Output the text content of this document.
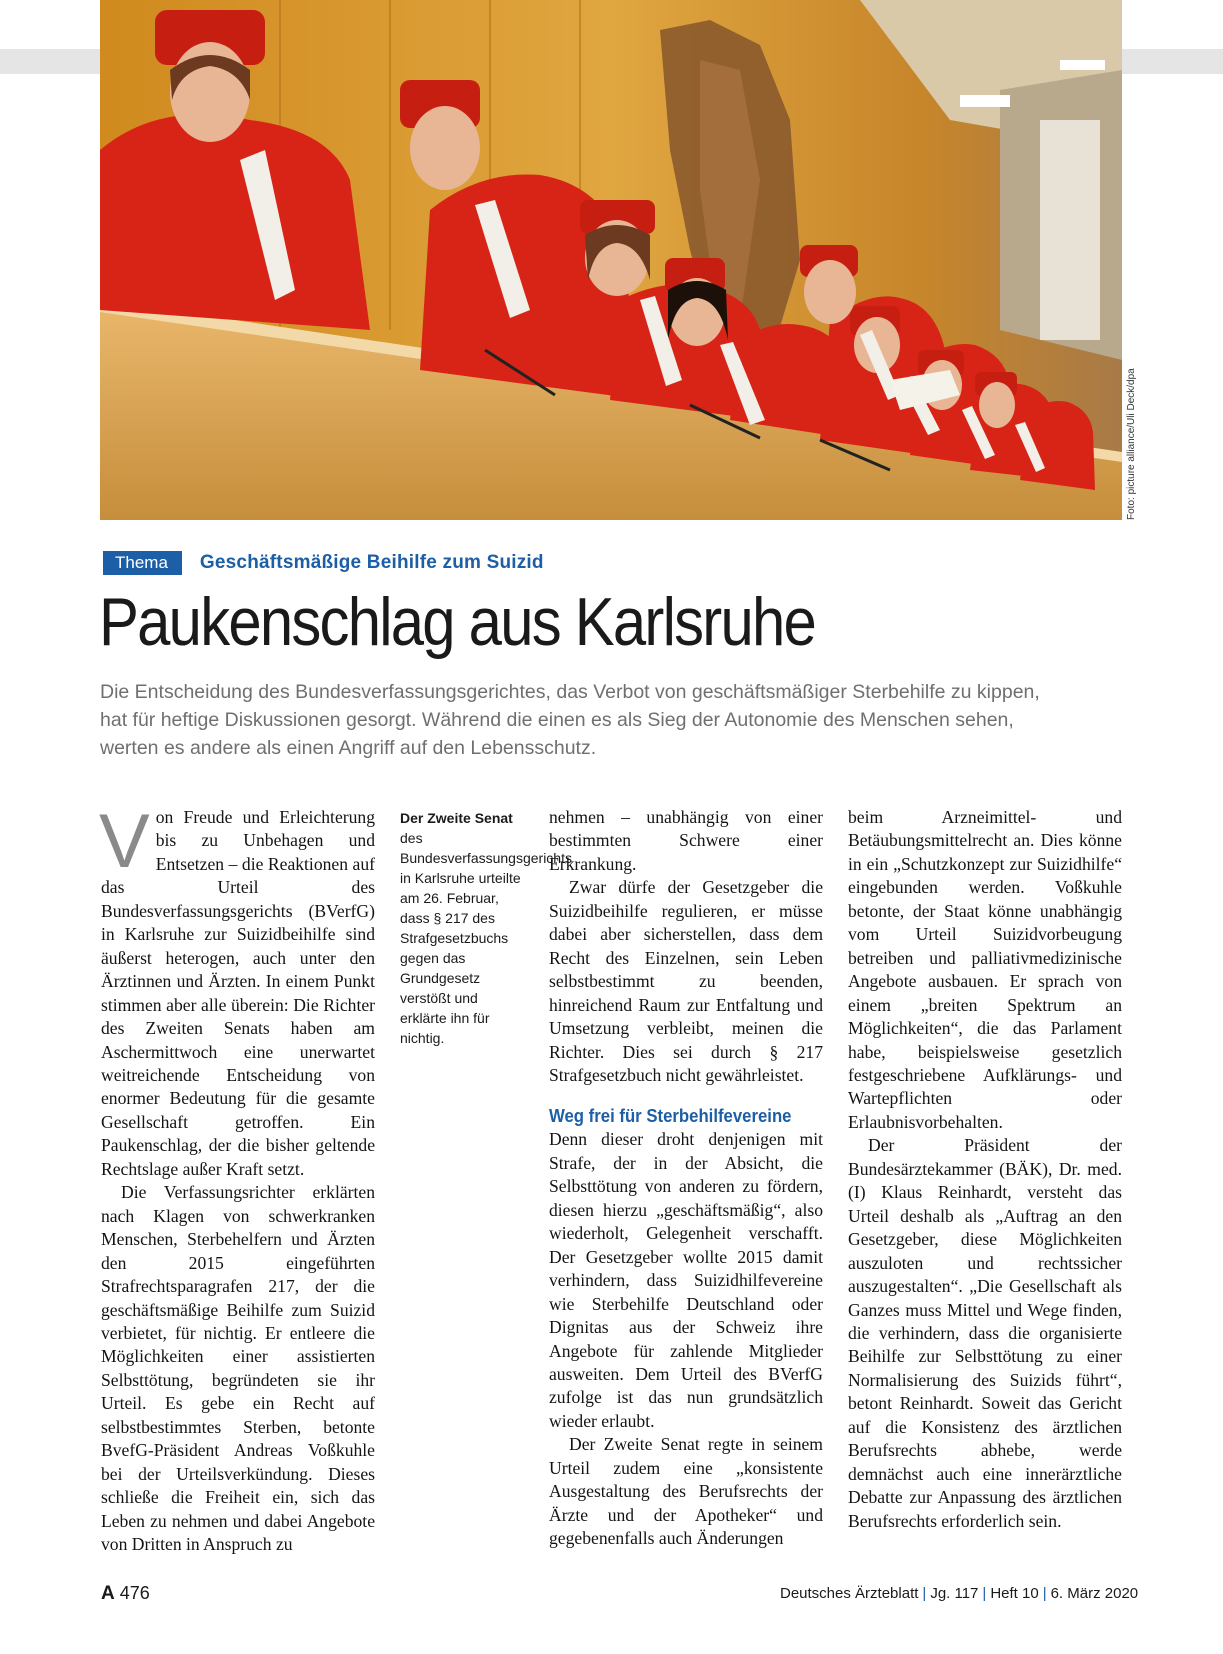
Foto: picture alliance/Uli Deck/dpa
Thema	Geschäftsmäßige Beihilfe zum Suizid
Paukenschlag aus Karlsruhe

Die Entscheidung des Bundesverfassungsgerichtes, das Verbot von geschäftsmäßiger Sterbehilfe zu kippen, hat für heftige Diskussionen gesorgt. Während die einen es als Sieg der Autonomie des Menschen sehen, werten es andere als einen Angriff auf den Lebensschutz.

Von Freude und Erleichterung bis zu Unbehagen und Entsetzen – die Reaktionen auf das Urteil des Bundesverfassungsgerichts (BVerfG) in Karlsruhe zur Suizidbeihilfe sind äußerst heterogen, auch unter den Ärztinnen und Ärzten. In einem Punkt stimmen aber alle überein: Die Richter des Zweiten Senats haben am Aschermittwoch eine unerwartet weitreichende Entscheidung von enormer Bedeutung für die gesamte Gesellschaft getroffen. Ein Paukenschlag, der die bisher geltende Rechtslage außer Kraft setzt.

Die Verfassungsrichter erklärten nach Klagen von schwerkranken Menschen, Sterbehelfern und Ärzten den 2015 eingeführten Strafrechtsparagrafen 217, der die geschäftsmäßige Beihilfe zum Suizid verbietet, für nichtig. Er entleere die Möglichkeiten einer assistierten Selbsttötung, begründeten sie ihr Urteil. Es gebe ein Recht auf selbstbestimmtes Sterben, betonte BvefG-Präsident Andreas Voßkuhle bei der Urteilsverkündung. Dieses schließe die Freiheit ein, sich das Leben zu nehmen und dabei Angebote von Dritten in Anspruch zu

Der Zweite Senat des Bundesverfassungsgerichts in Karlsruhe urteilte am 26. Februar, dass § 217 des Strafgesetzbuchs gegen das Grundgesetz verstößt und erklärte ihn für nichtig.

nehmen – unabhängig von einer bestimmten Schwere einer Erkrankung.

Zwar dürfe der Gesetzgeber die Suizidbeihilfe regulieren, er müsse dabei aber sicherstellen, dass dem Recht des Einzelnen, sein Leben selbstbestimmt zu beenden, hinreichend Raum zur Entfaltung und Umsetzung verbleibt, meinen die Richter. Dies sei durch § 217 Strafgesetzbuch nicht gewährleistet.

Weg frei für Sterbehilfevereine

Denn dieser droht denjenigen mit Strafe, der in der Absicht, die Selbsttötung von anderen zu fördern, diesen hierzu „geschäftsmäßig“, also wiederholt, Gelegenheit verschafft. Der Gesetzgeber wollte 2015 damit verhindern, dass Suizidhilfevereine wie Sterbehilfe Deutschland oder Dignitas aus der Schweiz ihre Angebote für zahlende Mitglieder ausweiten. Dem Urteil des BVerfG zufolge ist das nun grundsätzlich wieder erlaubt.

Der Zweite Senat regte in seinem Urteil zudem eine „konsistente Ausgestaltung des Berufsrechts der Ärzte und der Apotheker“ und gegebenenfalls auch Änderungen

beim Arzneimittel- und Betäubungsmittelrecht an. Dies könne in ein „Schutzkonzept zur Suizidhilfe“ eingebunden werden. Voßkuhle betonte, der Staat könne unabhängig vom Urteil Suizidvorbeugung betreiben und palliativmedizinische Angebote ausbauen. Er sprach von einem „breiten Spektrum an Möglichkeiten“, die das Parlament habe, beispielsweise gesetzlich festgeschriebene Aufklärungs- und Wartepflichten oder Erlaubnisvorbehalten.

Der Präsident der Bundesärztekammer (BÄK), Dr. med. (I) Klaus Reinhardt, versteht das Urteil deshalb als „Auftrag an den Gesetzgeber, diese Möglichkeiten auszuloten und rechtssicher auszugestalten“. „Die Gesellschaft als Ganzes muss Mittel und Wege finden, die verhindern, dass die organisierte Beihilfe zur Selbsttötung zu einer Normalisierung des Suizids führt“, betont Reinhardt. Soweit das Gericht auf die Konsistenz des ärztlichen Berufsrechts abhebe, werde demnächst auch eine innerärztliche Debatte zur Anpassung des ärztlichen Berufsrechts erforderlich sein.

A 476	Deutsches Ärzteblatt | Jg. 117 | Heft 10 | 6. März 2020
